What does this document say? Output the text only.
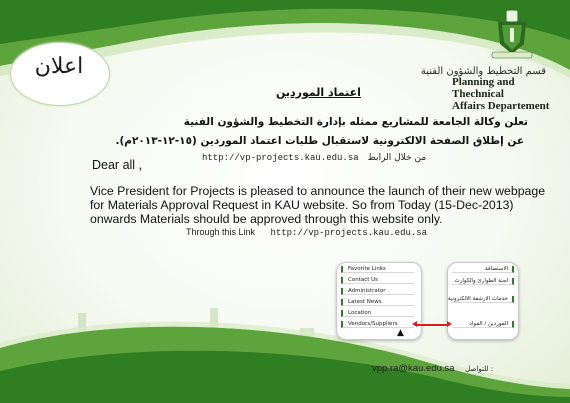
قسم التخطيط والشؤون الفنية
Planning and Thechnical
Affairs Departement
اعلان
اعتماد الموردين
تعلن وكالة الجامعة للمشاريع ممثله بإدارة التخطيط والشؤون الفنية
عن إطلاق الصفحة الالكترونية لاستقبال طلبات اعتماد الموردين (١٥-١٢-٢٠١٣م).
http://vp-projects.kau.edu.sa من خلال الرابط
Dear all ,
Vice President for Projects is pleased to announce the launch of their new webpage
for Materials Approval Request in KAU website. So from Today (15-Dec-2013)
onwards Materials should be approved through this website only.
Through this Link http://vp-projects.kau.edu.sa
Favorite Links
Contact Us
Administrator
Latest News
Location
Vendors/Suppliers
▲
الاستضافة
لجنة الطوارئ والكوارث
خدمات الارشفة الالكترونية
الموردين / المواد
vpp.ra@kau.edu.sa للتواصل :
